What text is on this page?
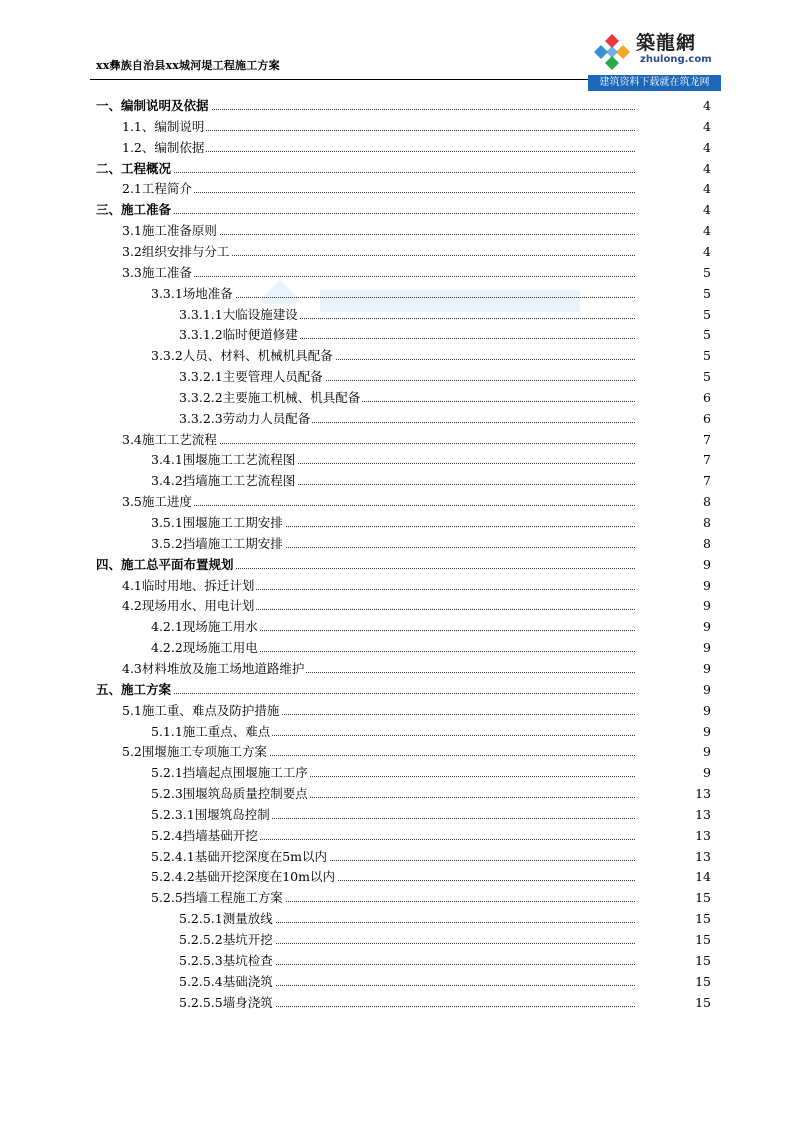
xx彝族自治县xx城河堤工程施工方案
築龍網
zhulong.com
建筑资料下载就在筑龙网
一、编制说明及依据	4
1.1、编制说明	4
1.2、编制依据	4
二、工程概况	4
2.1工程简介	4
三、施工准备	4
3.1施工准备原则	4
3.2组织安排与分工	4
3.3施工准备	5
3.3.1场地准备	5
3.3.1.1大临设施建设	5
3.3.1.2临时便道修建	5
3.3.2人员、材料、机械机具配备	5
3.3.2.1主要管理人员配备	5
3.3.2.2主要施工机械、机具配备	6
3.3.2.3劳动力人员配备	6
3.4施工工艺流程	7
3.4.1围堰施工工艺流程图	7
3.4.2挡墙施工工艺流程图	7
3.5施工进度	8
3.5.1围堰施工工期安排	8
3.5.2挡墙施工工期安排	8
四、施工总平面布置规划	9
4.1临时用地、拆迁计划	9
4.2现场用水、用电计划	9
4.2.1现场施工用水	9
4.2.2现场施工用电	9
4.3材料堆放及施工场地道路维护	9
五、施工方案	9
5.1施工重、难点及防护措施	9
5.1.1施工重点、难点	9
5.2围堰施工专项施工方案	9
5.2.1挡墙起点围堰施工工序	9
5.2.3围堰筑岛质量控制要点	13
5.2.3.1围堰筑岛控制	13
5.2.4挡墙基础开挖	13
5.2.4.1基础开挖深度在5m以内	13
5.2.4.2基础开挖深度在10m以内	14
5.2.5挡墙工程施工方案	15
5.2.5.1测量放线	15
5.2.5.2基坑开挖	15
5.2.5.3基坑检查	15
5.2.5.4基础浇筑	15
5.2.5.5墙身浇筑	15
